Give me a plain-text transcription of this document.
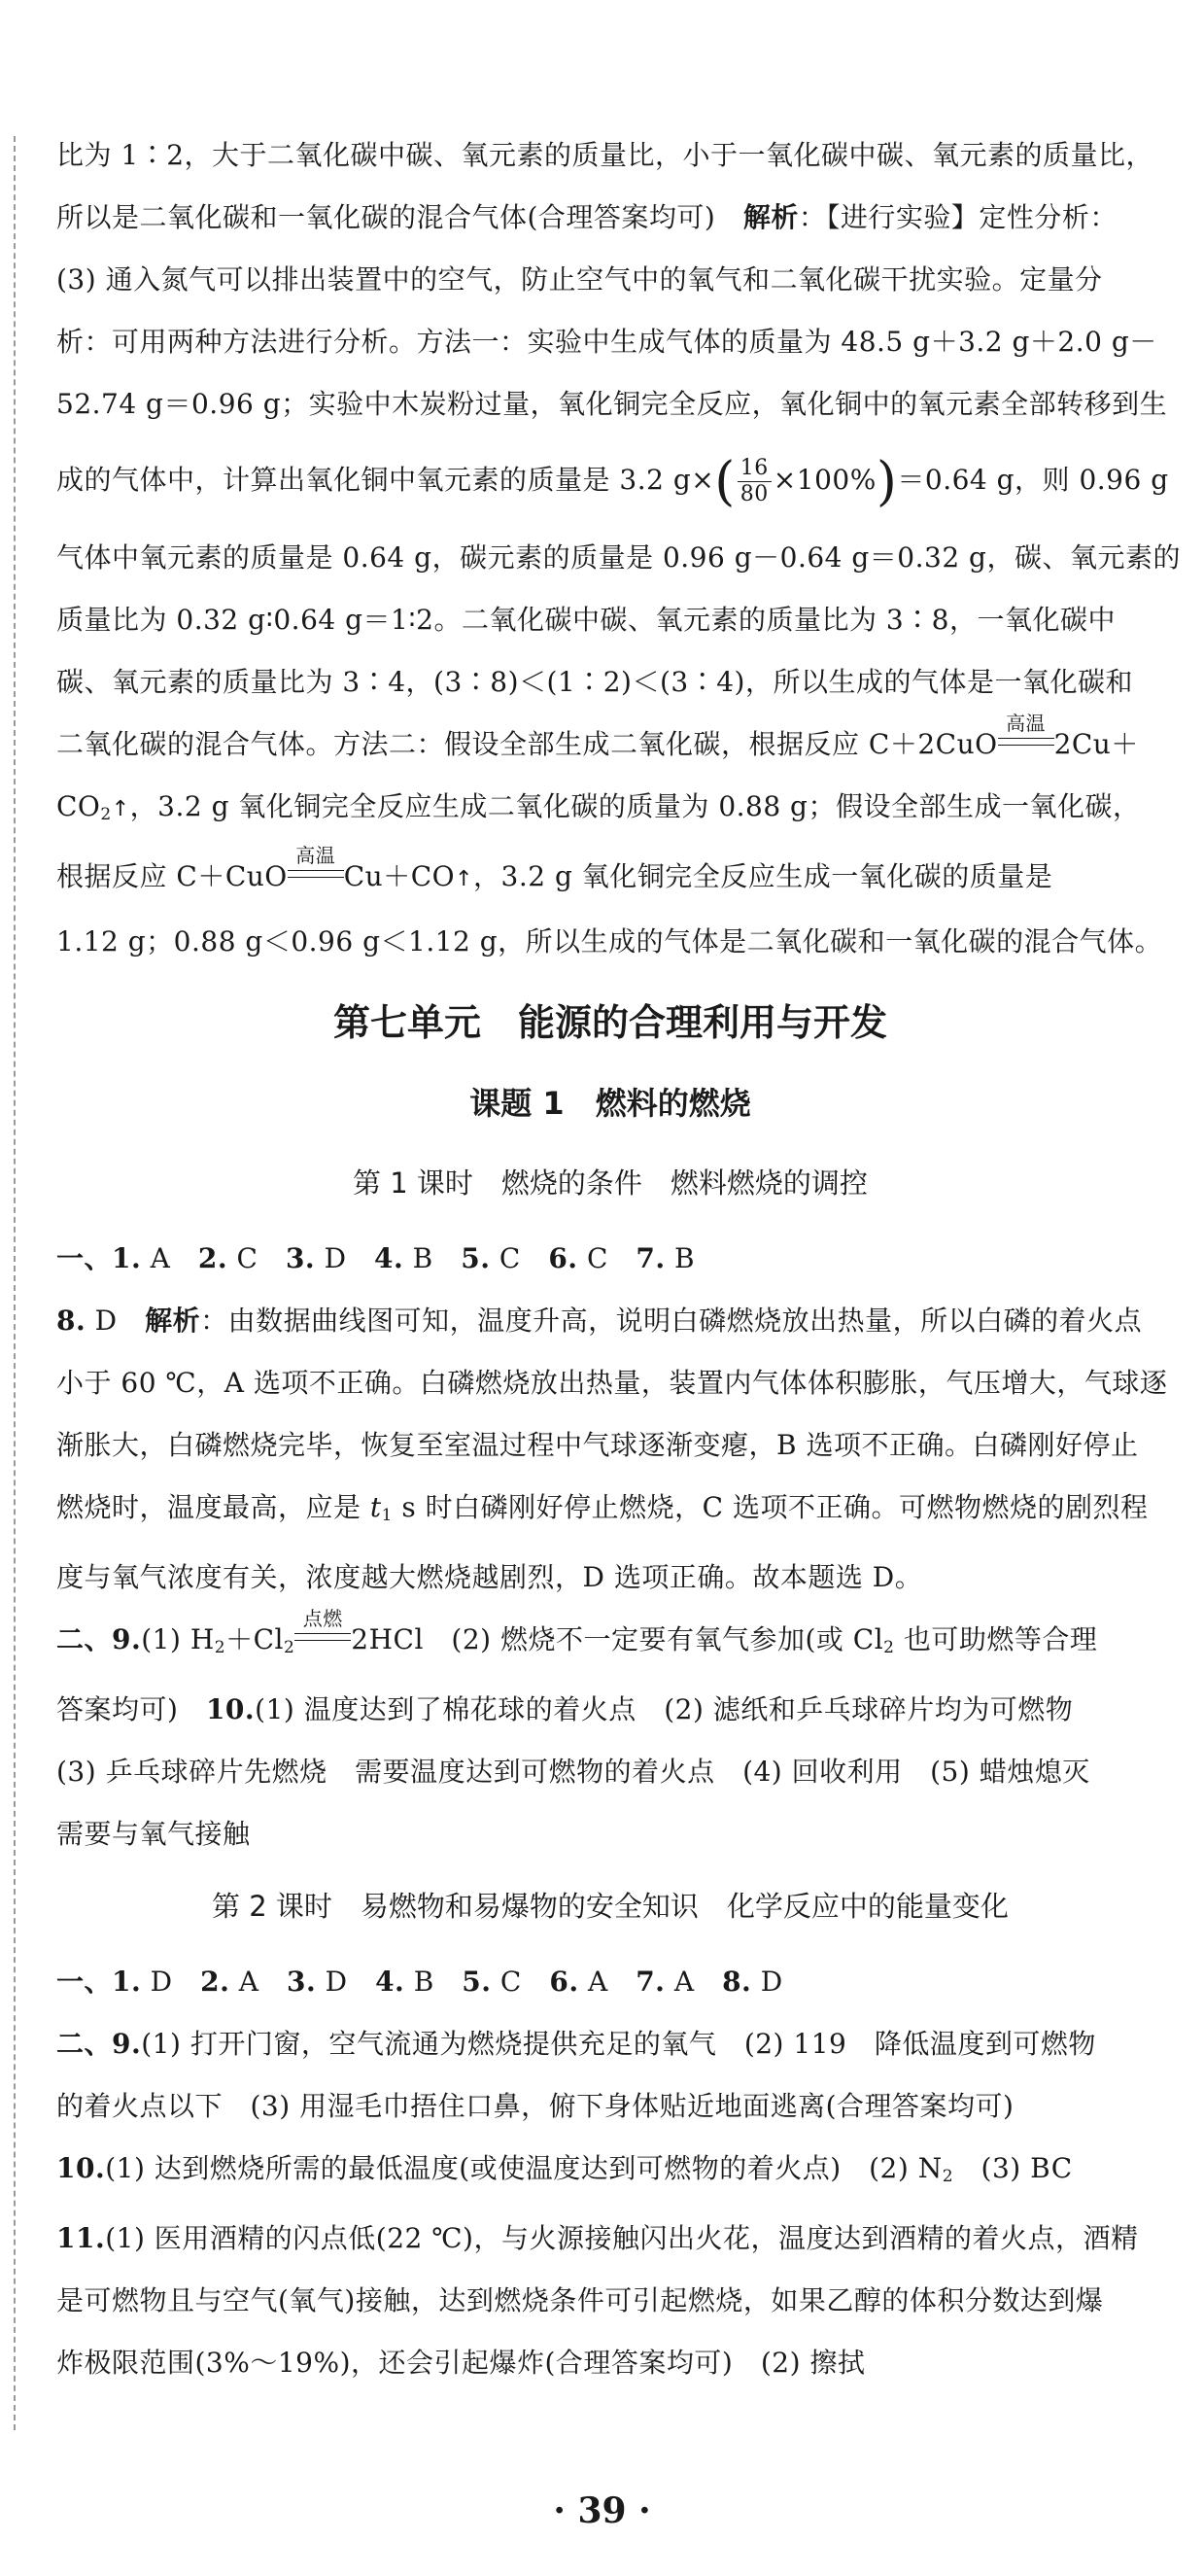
比为 1∶2，大于二氧化碳中碳、氧元素的质量比，小于一氧化碳中碳、氧元素的质量比，

所以是二氧化碳和一氧化碳的混合气体(合理答案均可)　解析：【进行实验】定性分析：

(3) 通入氮气可以排出装置中的空气，防止空气中的氧气和二氧化碳干扰实验。定量分

析：可用两种方法进行分析。方法一：实验中生成气体的质量为 48.5 g＋3.2 g＋2.0 g－

52.74 g＝0.96 g；实验中木炭粉过量，氧化铜完全反应，氧化铜中的氧元素全部转移到生

成的气体中，计算出氧化铜中氧元素的质量是 3.2 $g\times( \frac{16}{80} \times 100\%)=0.64$ g，则 0.96 g

气体中氧元素的质量是 0.64 g，碳元素的质量是 0.96 g－0.64 g＝0.32 g，碳、氧元素的

质量比为 0.32 g∶0.64 g＝1∶2。二氧化碳中碳、氧元素的质量比为 3∶8，一氧化碳中

碳、氧元素的质量比为 3∶4，(3∶8)＜(1∶2)＜(3∶4)，所以生成的气体是一氧化碳和

二氧化碳的混合气体。方法二：假设全部生成二氧化碳，根据反应 C＋2CuO
高温
2Cu＋

$CO_2↑$，3.2 g 氧化铜完全反应生成二氧化碳的质量为 0.88 g；假设全部生成一氧化碳，

根据反应 C＋CuO
高温
Cu＋CO↑，3.2 g 氧化铜完全反应生成一氧化碳的质量是

1.12 g；0.88 g＜0.96 g＜1.12 g，所以生成的气体是二氧化碳和一氧化碳的混合气体。

第七单元　能源的合理利用与开发
课题 1　燃料的燃烧
第 1 课时　燃烧的条件　燃料燃烧的调控

一、1. A　2. C　3. D　4. B　5. C　6. C　7. B

8. D　解析：由数据曲线图可知，温度升高，说明白磷燃烧放出热量，所以白磷的着火点

小于 60 ℃，A 选项不正确。白磷燃烧放出热量，装置内气体体积膨胀，气压增大，气球逐

渐胀大，白磷燃烧完毕，恢复至室温过程中气球逐渐变瘪，B 选项不正确。白磷刚好停止

燃烧时，温度最高，应是 $t_1$ s 时白磷刚好停止燃烧，C 选项不正确。可燃物燃烧的剧烈程

度与氧气浓度有关，浓度越大燃烧越剧烈，D 选项正确。故本题选 D。

二、9.(1) $H_2+Cl_2$
点燃
2HCl　(2) 燃烧不一定要有氧气参加(或 $Cl_2$ 也可助燃等合理

答案均可)　10.(1) 温度达到了棉花球的着火点　(2) 滤纸和乒乓球碎片均为可燃物

(3) 乒乓球碎片先燃烧　需要温度达到可燃物的着火点　(4) 回收利用　(5) 蜡烛熄灭

需要与氧气接触

第 2 课时　易燃物和易爆物的安全知识　化学反应中的能量变化

一、1. D　2. A　3. D　4. B　5. C　6. A　7. A　8. D

二、9.(1) 打开门窗，空气流通为燃烧提供充足的氧气　(2) 119　降低温度到可燃物

的着火点以下　(3) 用湿毛巾捂住口鼻，俯下身体贴近地面逃离(合理答案均可)

10.(1) 达到燃烧所需的最低温度(或使温度达到可燃物的着火点)　(2) $N_2$　(3) BC

11.(1) 医用酒精的闪点低(22 ℃)，与火源接触闪出火花，温度达到酒精的着火点，酒精

是可燃物且与空气(氧气)接触，达到燃烧条件可引起燃烧，如果乙醇的体积分数达到爆

炸极限范围(3%～19%)，还会引起爆炸(合理答案均可)　(2) 擦拭

· 39 ·
